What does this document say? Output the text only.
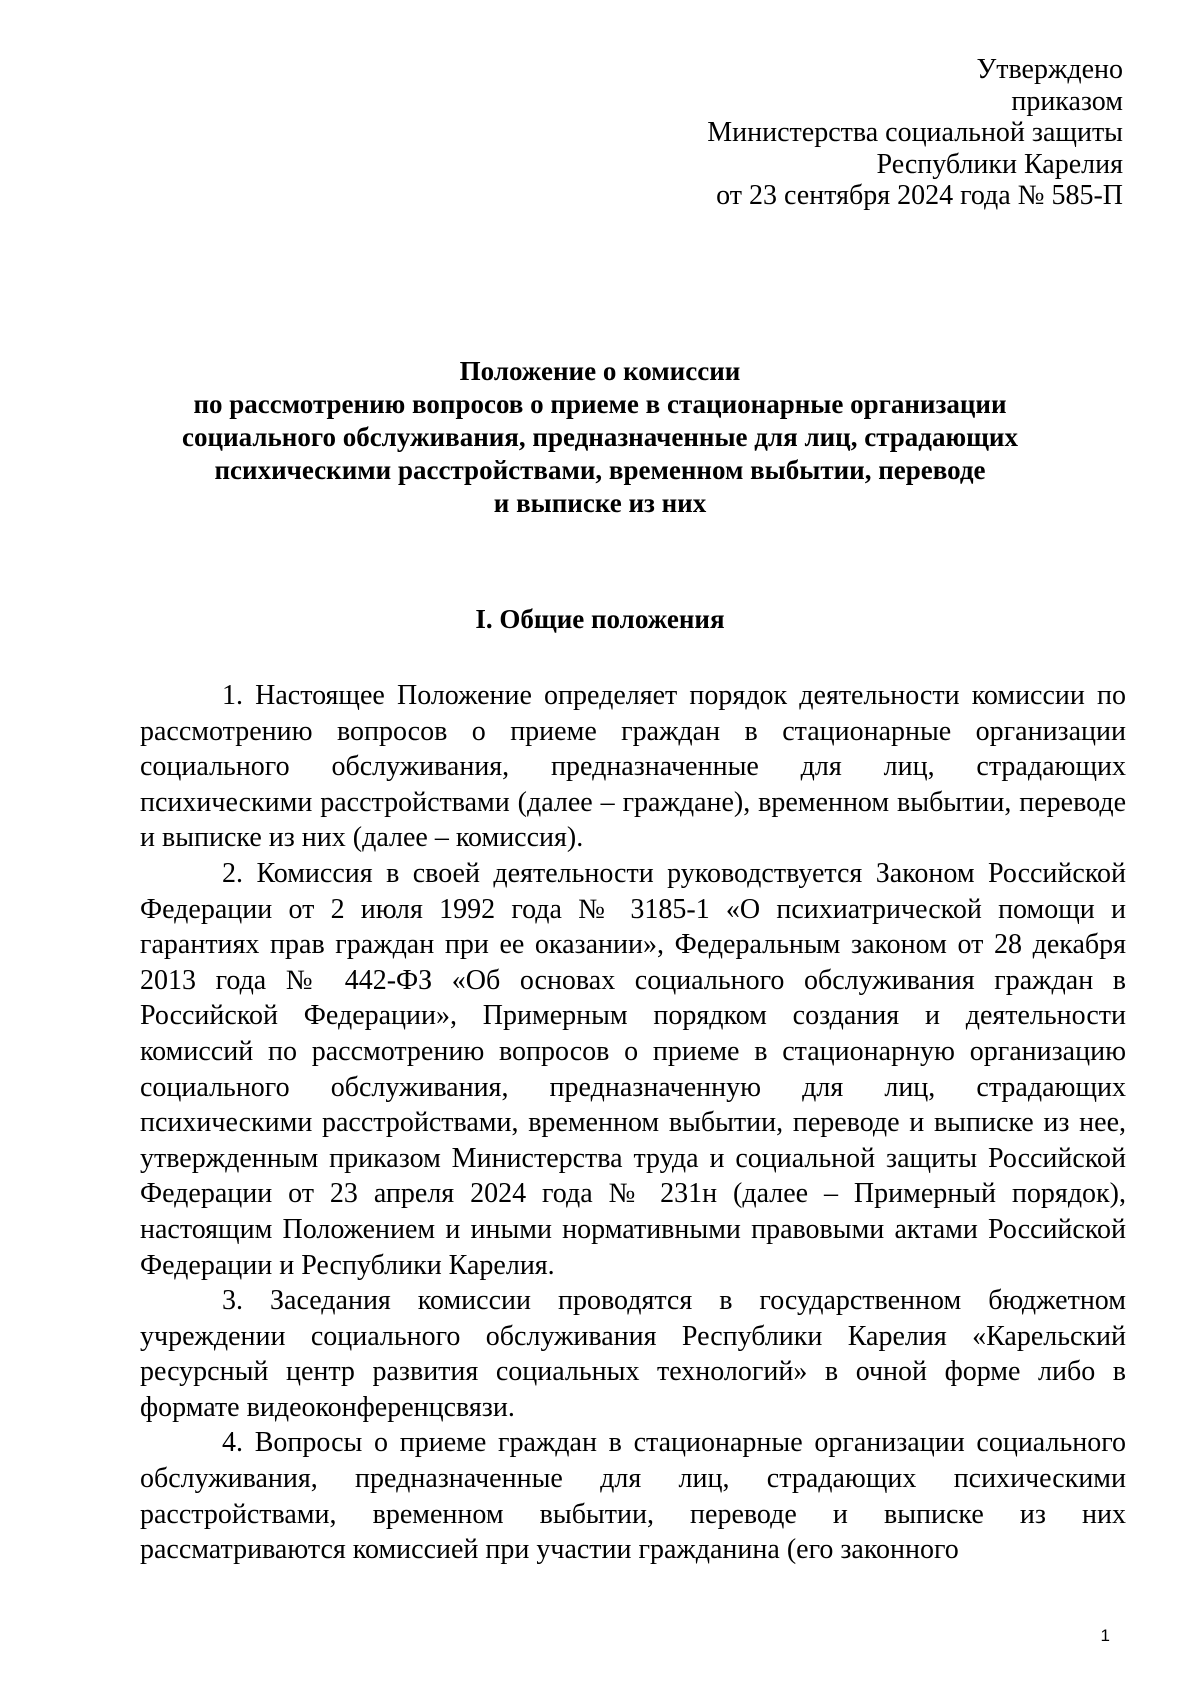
Утверждено
приказом
Министерства социальной защиты
Республики Карелия
от 23 сентября 2024 года № 585-П
Положение о комиссии
по рассмотрению вопросов о приеме в стационарные организации
социального обслуживания, предназначенные для лиц, страдающих
психическими расстройствами, временном выбытии, переводе
и выписке из них
I. Общие положения

1. Настоящее Положение определяет порядок деятельности комиссии по рассмотрению вопросов о приеме граждан в стационарные организации социального обслуживания, предназначенные для лиц, страдающих психическими расстройствами (далее – граждане), временном выбытии, переводе и выписке из них (далее – комиссия).

2. Комиссия в своей деятельности руководствуется Законом Российской Федерации от 2 июля 1992 года № 3185-1 «О психиатрической помощи и гарантиях прав граждан при ее оказании», Федеральным законом от 28 декабря 2013 года № 442-ФЗ «Об основах социального обслуживания граждан в Российской Федерации», Примерным порядком создания и деятельности комиссий по рассмотрению вопросов о приеме в стационарную организацию социального обслуживания, предназначенную для лиц, страдающих психическими расстройствами, временном выбытии, переводе и выписке из нее, утвержденным приказом Министерства труда и социальной защиты Российской Федерации от 23 апреля 2024 года № 231н (далее – Примерный порядок), настоящим Положением и иными нормативными правовыми актами Российской Федерации и Республики Карелия.

3. Заседания комиссии проводятся в государственном бюджетном учреждении социального обслуживания Республики Карелия «Карельский ресурсный центр развития социальных технологий» в очной форме либо в формате видеоконференцсвязи.

4. Вопросы о приеме граждан в стационарные организации социального обслуживания, предназначенные для лиц, страдающих психическими расстройствами, временном выбытии, переводе и выписке из них рассматриваются комиссией при участии гражданина (его законного

1
